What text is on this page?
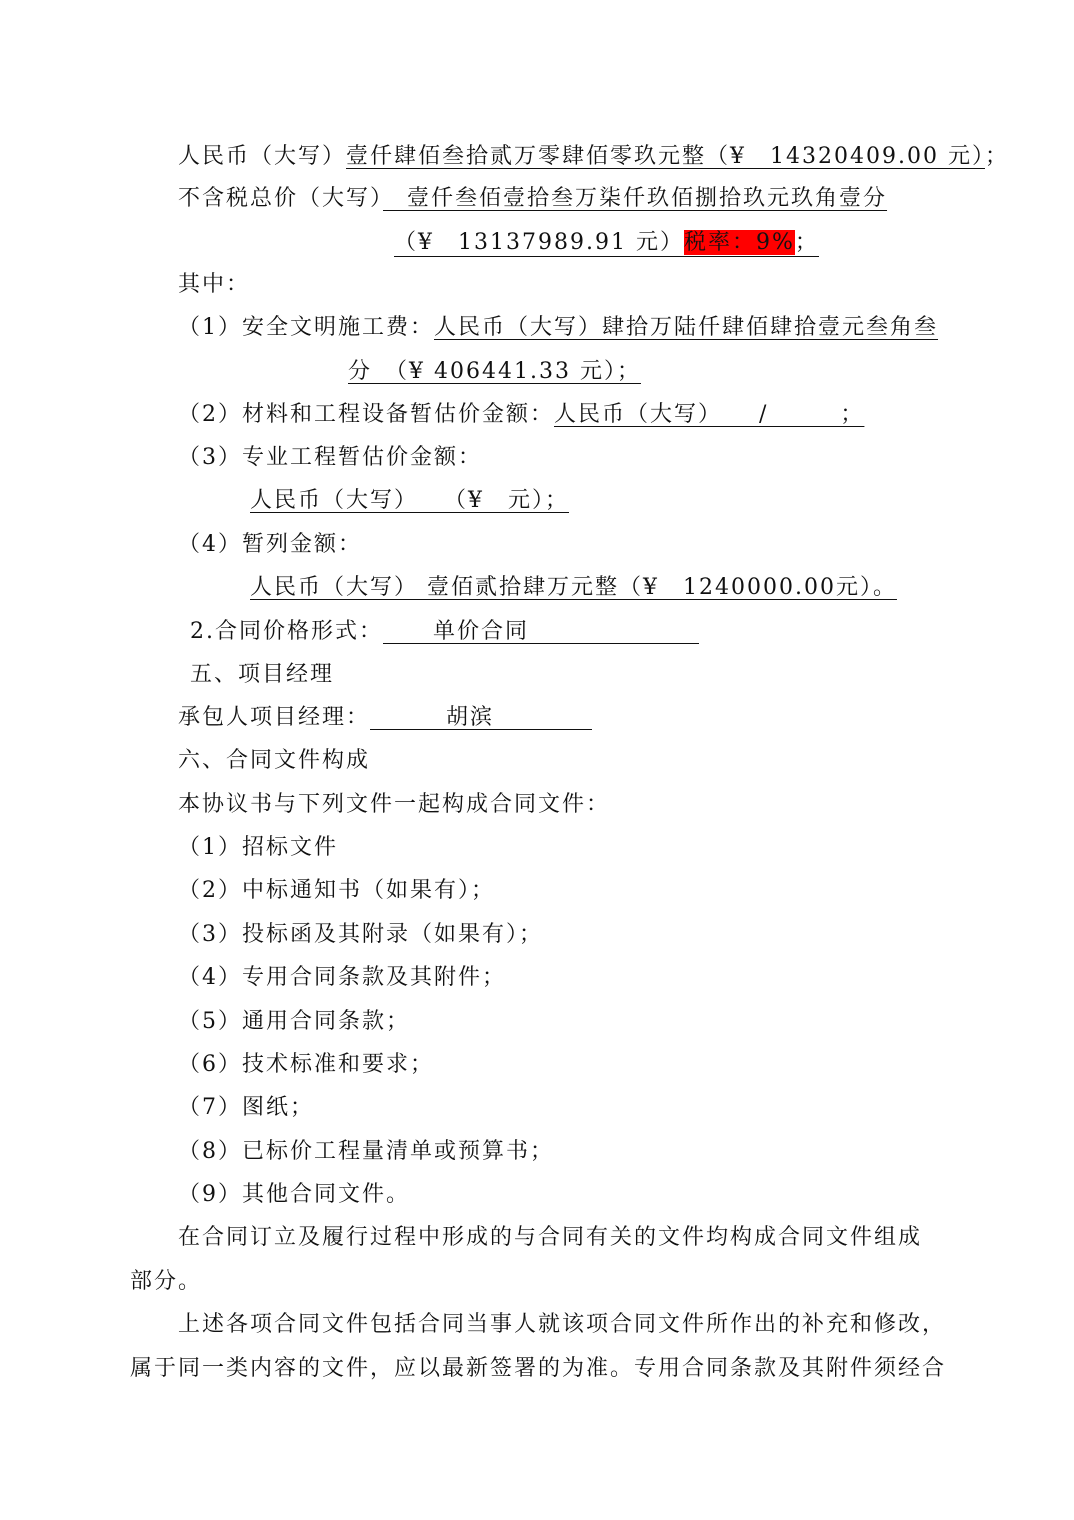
人民币（大写）壹仟肆佰叁拾贰万零肆佰零玖元整（¥　14320409.00 元）；
不含税总价（大写）　壹仟叁佰壹拾叁万柒仟玖佰捌拾玖元玖角壹分
（¥　13137989.91 元）税率：9%；
其中：
（1）安全文明施工费：人民币（大写）肆拾万陆仟肆佰肆拾壹元叁角叁
分　（¥ 406441.33 元）；
（2）材料和工程设备暂估价金额：人民币（大写）　　/　　　；
（3）专业工程暂估价金额：
人民币（大写）　　（¥　元）；
（4）暂列金额：
人民币（大写） 壹佰贰拾肆万元整（¥　1240000.00元）。
2.合同价格形式： 单价合同
五、项目经理
承包人项目经理：	胡滨
六、合同文件构成
本协议书与下列文件一起构成合同文件：
（1）招标文件
（2）中标通知书（如果有）；
（3）投标函及其附录（如果有）；
（4）专用合同条款及其附件；
（5）通用合同条款；
（6）技术标准和要求；
（7）图纸；
（8）已标价工程量清单或预算书；
（9）其他合同文件。
在合同订立及履行过程中形成的与合同有关的文件均构成合同文件组成
部分。
上述各项合同文件包括合同当事人就该项合同文件所作出的补充和修改，
属于同一类内容的文件，应以最新签署的为准。专用合同条款及其附件须经合
